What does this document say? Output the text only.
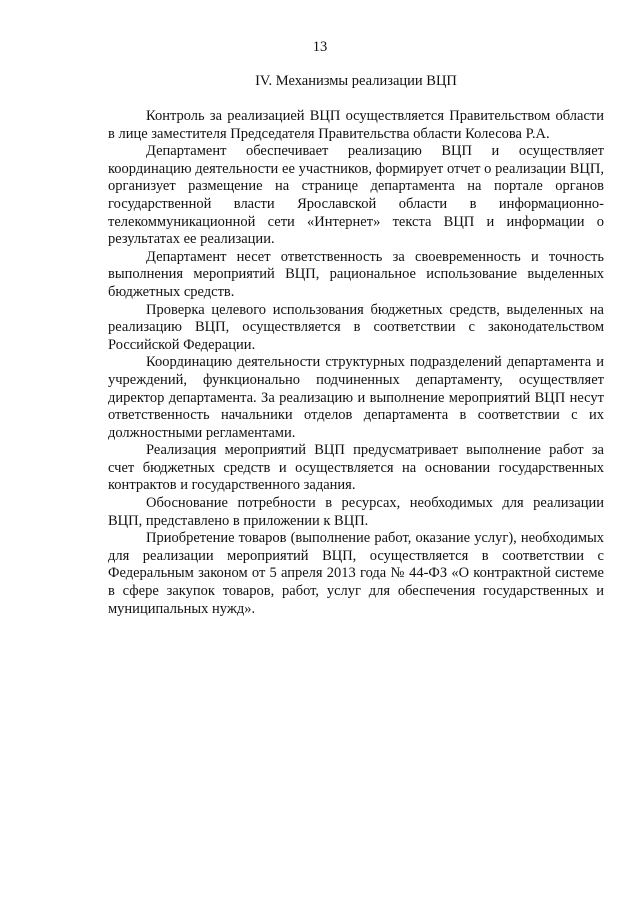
13
IV. Механизмы реализации ВЦП

Контроль за реализацией ВЦП осуществляется Правительством области в лице заместителя Председателя Правительства области Колесова Р.А.

Департамент обеспечивает реализацию ВЦП и осуществляет координацию деятельности ее участников, формирует отчет о реализации ВЦП, организует размещение на странице департамента на портале органов государственной власти Ярославской области в информационно-телекоммуникационной сети «Интернет» текста ВЦП и информации о результатах ее реализации.

Департамент несет ответственность за своевременность и точность выполнения мероприятий ВЦП, рациональное использование выделенных бюджетных средств.

Проверка целевого использования бюджетных средств, выделенных на реализацию ВЦП, осуществляется в соответствии с законодательством Российской Федерации.

Координацию деятельности структурных подразделений департамента и учреждений, функционально подчиненных департаменту, осуществляет директор департамента. За реализацию и выполнение мероприятий ВЦП несут ответственность начальники отделов департамента в соответствии с их должностными регламентами.

Реализация мероприятий ВЦП предусматривает выполнение работ за счет бюджетных средств и осуществляется на основании государственных контрактов и государственного задания.

Обоснование потребности в ресурсах, необходимых для реализации ВЦП, представлено в приложении к ВЦП.

Приобретение товаров (выполнение работ, оказание услуг), необходимых для реализации мероприятий ВЦП, осуществляется в соответствии с Федеральным законом от 5 апреля 2013 года № 44-ФЗ «О контрактной системе в сфере закупок товаров, работ, услуг для обеспечения государственных и муниципальных нужд».
